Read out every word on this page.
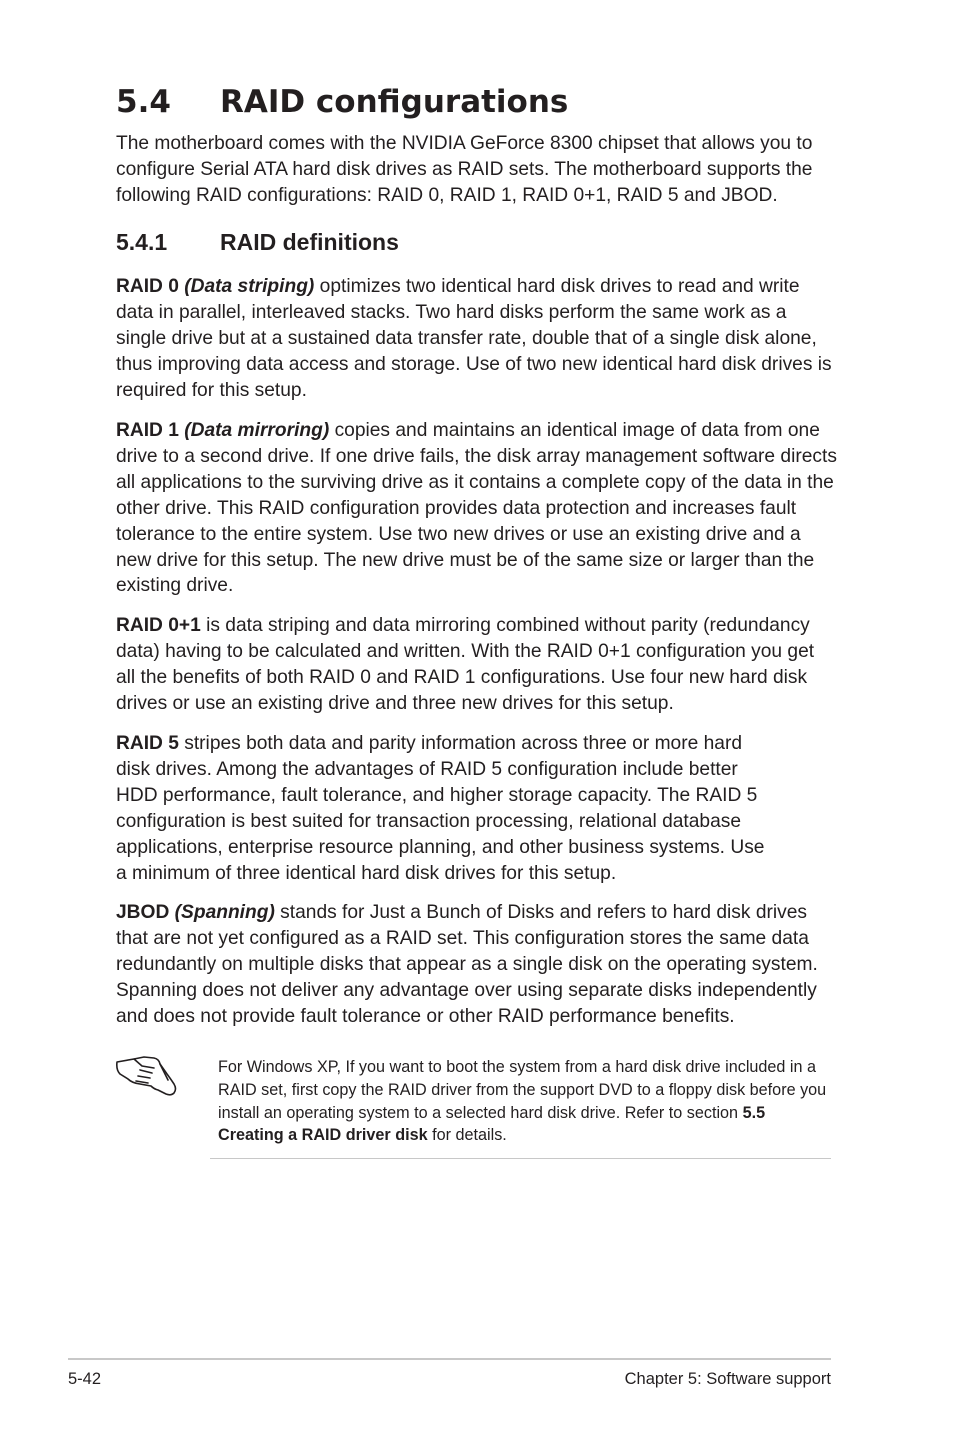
5.4 RAID configurations

The motherboard comes with the NVIDIA GeForce 8300 chipset that allows you to configure Serial ATA hard disk drives as RAID sets. The motherboard supports the following RAID configurations: RAID 0, RAID 1, RAID 0+1, RAID 5 and JBOD.

5.4.1 RAID definitions

RAID 0 (Data striping) optimizes two identical hard disk drives to read and write data in parallel, interleaved stacks. Two hard disks perform the same work as a single drive but at a sustained data transfer rate, double that of a single disk alone, thus improving data access and storage. Use of two new identical hard disk drives is required for this setup.

RAID 1 (Data mirroring) copies and maintains an identical image of data from one drive to a second drive. If one drive fails, the disk array management software directs all applications to the surviving drive as it contains a complete copy of the data in the other drive. This RAID configuration provides data protection and increases fault tolerance to the entire system. Use two new drives or use an existing drive and a new drive for this setup. The new drive must be of the same size or larger than the existing drive.

RAID 0+1 is data striping and data mirroring combined without parity (redundancy data) having to be calculated and written. With the RAID 0+1 configuration you get all the benefits of both RAID 0 and RAID 1 configurations. Use four new hard disk drives or use an existing drive and three new drives for this setup.

RAID 5 stripes both data and parity information across three or more hard disk drives. Among the advantages of RAID 5 configuration include better HDD performance, fault tolerance, and higher storage capacity. The RAID 5 configuration is best suited for transaction processing, relational database applications, enterprise resource planning, and other business systems. Use a minimum of three identical hard disk drives for this setup.

JBOD (Spanning) stands for Just a Bunch of Disks and refers to hard disk drives that are not yet configured as a RAID set. This configuration stores the same data redundantly on multiple disks that appear as a single disk on the operating system. Spanning does not deliver any advantage over using separate disks independently and does not provide fault tolerance or other RAID performance benefits.

For Windows XP, If you want to boot the system from a hard disk drive included in a RAID set, first copy the RAID driver from the support DVD to a floppy disk before you install an operating system to a selected hard disk drive. Refer to section 5.5 Creating a RAID driver disk for details.

5-42	Chapter 5: Software support
